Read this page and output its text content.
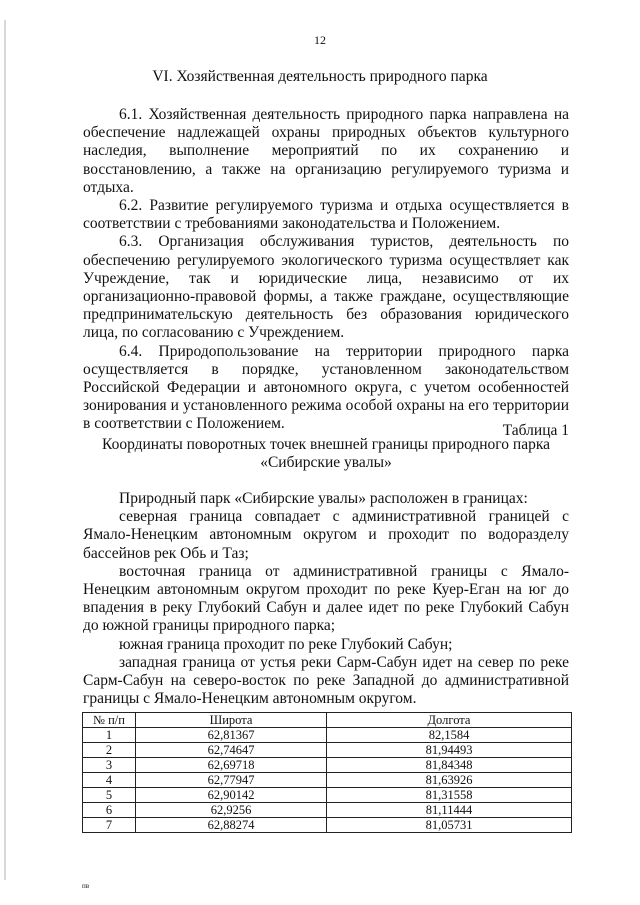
12
VI. Хозяйственная деятельность природного парка

6.1. Хозяйственная деятельность природного парка направлена на обеспечение надлежащей охраны природных объектов культурного наследия, выполнение мероприятий по их сохранению и восстановлению, а также на организацию регулируемого туризма и отдыха.

6.2. Развитие регулируемого туризма и отдыха осуществляется в соответствии с требованиями законодательства и Положением.

6.3. Организация обслуживания туристов, деятельность по обеспечению регулируемого экологического туризма осуществляет как Учреждение, так и юридические лица, независимо от их организационно-правовой формы, а также граждане, осуществляющие предпринимательскую деятельность без образования юридического лица, по согласованию с Учреждением.

6.4. Природопользование на территории природного парка осуществляется в порядке, установленном законодательством Российской Федерации и автономного округа, с учетом особенностей зонирования и установленного режима особой охраны на его территории в соответствии с Положением.	Таблица 1
Координаты поворотных точек внешней границы природного парка
«Сибирские увалы»

Природный парк «Сибирские увалы» расположен в границах:

северная граница совпадает с административной границей с Ямало-Ненецким автономным округом и проходит по водоразделу бассейнов рек Обь и Таз;

восточная граница от административной границы с Ямало-Ненецким автономным округом проходит по реке Куер-Еган на юг до впадения в реку Глубокий Сабун и далее идет по реке Глубокий Сабун до южной границы природного парка;

южная граница проходит по реке Глубокий Сабун;

западная граница от устья реки Сарм-Сабун идет на север по реке Сарм-Сабун на северо-восток по реке Западной до административной границы с Ямало-Ненецким автономным округом.

№ п/п	Широта	Долгота
1	62,81367	82,1584
2	62,74647	81,94493
3	62,69718	81,84348
4	62,77947	81,63926
5	62,90142	81,31558
6	62,9256	81,11444
7	62,88274	81,05731
пв
